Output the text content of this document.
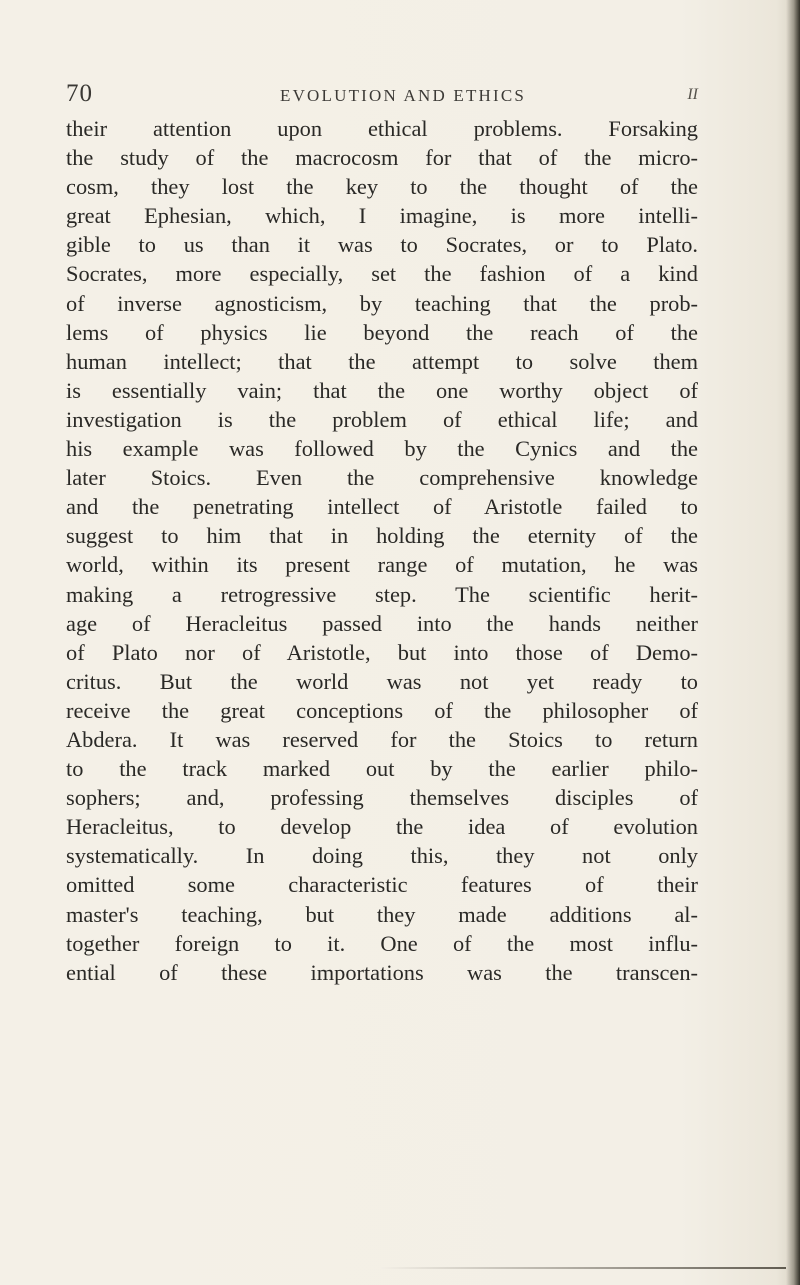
70	EVOLUTION AND ETHICS	II
their attention upon ethical problems. Forsaking
the study of the macrocosm for that of the micro-
cosm, they lost the key to the thought of the
great Ephesian, which, I imagine, is more intelli-
gible to us than it was to Socrates, or to Plato.
Socrates, more especially, set the fashion of a kind
of inverse agnosticism, by teaching that the prob-
lems of physics lie beyond the reach of the
human intellect; that the attempt to solve them
is essentially vain; that the one worthy object of
investigation is the problem of ethical life; and
his example was followed by the Cynics and the
later Stoics. Even the comprehensive knowledge
and the penetrating intellect of Aristotle failed to
suggest to him that in holding the eternity of the
world, within its present range of mutation, he was
making a retrogressive step. The scientific herit-
age of Heracleitus passed into the hands neither
of Plato nor of Aristotle, but into those of Demo-
critus. But the world was not yet ready to
receive the great conceptions of the philosopher of
Abdera. It was reserved for the Stoics to return
to the track marked out by the earlier philo-
sophers; and, professing themselves disciples of
Heracleitus, to develop the idea of evolution
systematically. In doing this, they not only
omitted some characteristic features of their
master's teaching, but they made additions al-
together foreign to it. One of the most influ-
ential of these importations was the transcen-
